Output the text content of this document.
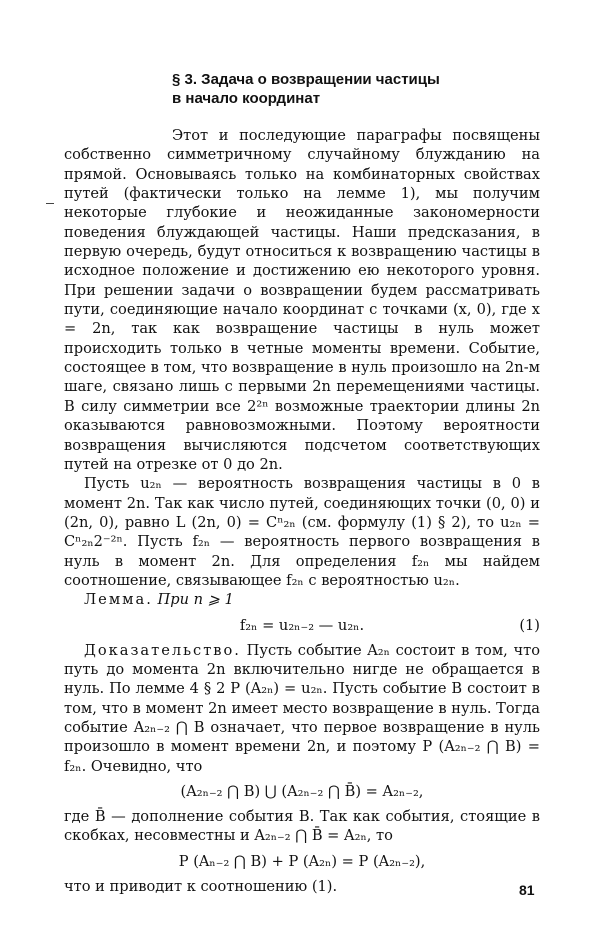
§ 3. Задача о возвращении частицы
в начало координат

Этот и последующие параграфы посвящены собственно симметричному случайному блужданию на прямой. Основываясь только на комбинаторных свойствах путей (фактически только на лемме 1), мы получим некоторые глубокие и неожиданные закономерности поведения блуждающей частицы. Наши предсказания, в первую очередь, будут относиться к возвращению частицы в исходное положение и достижению ею некоторого уровня. При решении задачи о возвращении будем рассматривать пути, соединяющие начало координат с точками (x, 0), где x = 2n, так как возвращение частицы в нуль может происходить только в четные моменты времени. Событие, состоящее в том, что возвращение в нуль произошло на 2n-м шаге, связано лишь с первыми 2n перемещениями частицы. В силу симметрии все 2²ⁿ возможные траектории длины 2n оказываются равновозможными. Поэтому вероятности возвращения вычисляются подсчетом соответствующих путей на отрезке от 0 до 2n.

Пусть u₂ₙ — вероятность возвращения частицы в 0 в момент 2n. Так как число путей, соединяющих точки (0, 0) и (2n, 0), равно L (2n, 0) = Cⁿ₂ₙ (см. формулу (1) § 2), то u₂ₙ = Cⁿ₂ₙ2⁻²ⁿ. Пусть f₂ₙ — вероятность первого возвращения в нуль в момент 2n. Для определения f₂ₙ мы найдем соотношение, связывающее f₂ₙ с вероятностью u₂ₙ.

Лемма. При n ⩾ 1

f₂ₙ = u₂ₙ₋₂ — u₂ₙ.	(1)

Доказательство. Пусть событие A₂ₙ состоит в том, что путь до момента 2n включительно нигде не обращается в нуль. По лемме 4 § 2 P (A₂ₙ) = u₂ₙ. Пусть событие B состоит в том, что в момент 2n имеет место возвращение в нуль. Тогда событие A₂ₙ₋₂ ⋂ B означает, что первое возвращение в нуль произошло в момент времени 2n, и поэтому P (A₂ₙ₋₂ ⋂ B) = f₂ₙ. Очевидно, что

(A₂ₙ₋₂ ⋂ B) ⋃ (A₂ₙ₋₂ ⋂ B̄) = A₂ₙ₋₂,

где B̄ — дополнение события B. Так как события, стоящие в скобках, несовместны и A₂ₙ₋₂ ⋂ B̄ = A₂ₙ, то

P (Aₙ₋₂ ⋂ B) + P (A₂ₙ) = P (A₂ₙ₋₂),

что и приводит к соотношению (1).	81
